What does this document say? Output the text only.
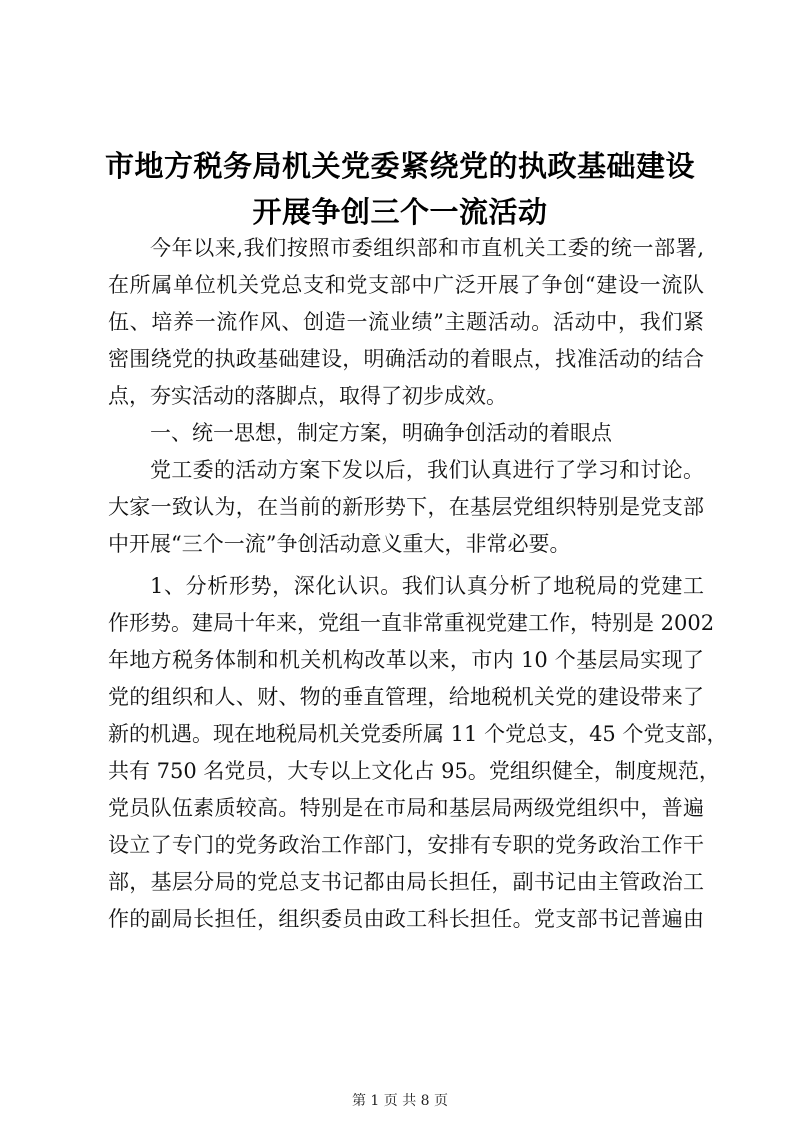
市地方税务局机关党委紧绕党的执政基础建设
开展争创三个一流活动
今年以来,我们按照市委组织部和市直机关工委的统一部署,
在所属单位机关党总支和党支部中广泛开展了争创“建设一流队
伍、培养一流作风、创造一流业绩”主题活动。活动中，我们紧
密围绕党的执政基础建设，明确活动的着眼点，找准活动的结合
点，夯实活动的落脚点，取得了初步成效。
一、统一思想，制定方案，明确争创活动的着眼点
党工委的活动方案下发以后，我们认真进行了学习和讨论。
大家一致认为，在当前的新形势下，在基层党组织特别是党支部
中开展“三个一流”争创活动意义重大，非常必要。
1、分析形势，深化认识。我们认真分析了地税局的党建工
作形势。建局十年来，党组一直非常重视党建工作，特别是 2002
年地方税务体制和机关机构改革以来，市内 10 个基层局实现了
党的组织和人、财、物的垂直管理，给地税机关党的建设带来了
新的机遇。现在地税局机关党委所属 11 个党总支，45 个党支部，
共有 750 名党员，大专以上文化占 95。党组织健全，制度规范，
党员队伍素质较高。特别是在市局和基层局两级党组织中，普遍
设立了专门的党务政治工作部门，安排有专职的党务政治工作干
部，基层分局的党总支书记都由局长担任，副书记由主管政治工
作的副局长担任，组织委员由政工科长担任。党支部书记普遍由
第 1 页 共 8 页
